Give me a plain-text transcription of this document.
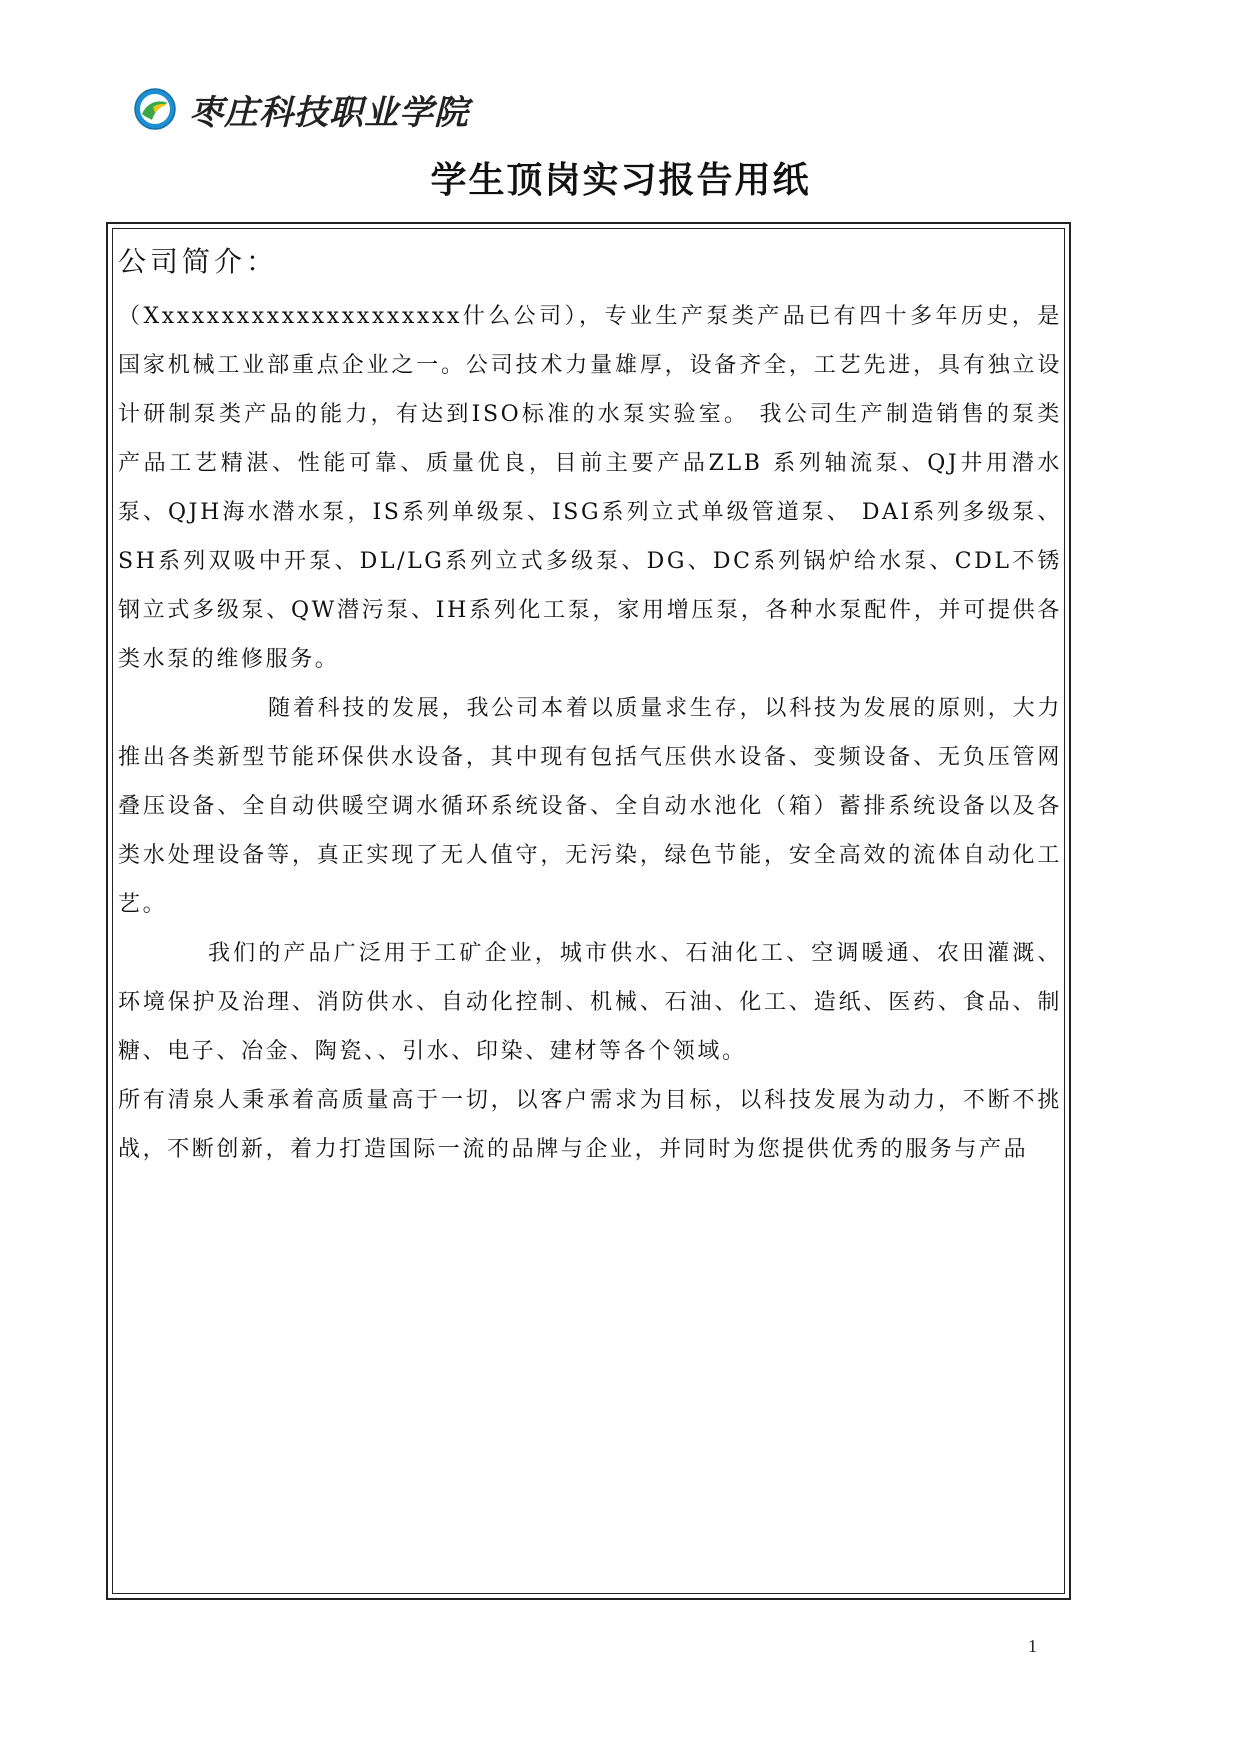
枣庄科技职业学院
学生顶岗实习报告用纸
公司简介：

（Xxxxxxxxxxxxxxxxxxxxx什么公司），专业生产泵类产品已有四十多年历史，是国家机械工业部重点企业之一。公司技术力量雄厚，设备齐全，工艺先进，具有独立设计研制泵类产品的能力，有达到ISO标准的水泵实验室。 我公司生产制造销售的泵类产品工艺精湛、性能可靠、质量优良，目前主要产品ZLB 系列轴流泵、QJ井用潜水泵、QJH海水潜水泵，IS系列单级泵、ISG系列立式单级管道泵、 DAI系列多级泵、SH系列双吸中开泵、DL/LG系列立式多级泵、DG、DC系列锅炉给水泵、CDL不锈钢立式多级泵、QW潜污泵、IH系列化工泵，家用增压泵，各种水泵配件，并可提供各类水泵的维修服务。

随着科技的发展，我公司本着以质量求生存，以科技为发展的原则，大力推出各类新型节能环保供水设备，其中现有包括气压供水设备、变频设备、无负压管网叠压设备、全自动供暖空调水循环系统设备、全自动水池化（箱）蓄排系统设备以及各类水处理设备等，真正实现了无人值守，无污染，绿色节能，安全高效的流体自动化工艺。

我们的产品广泛用于工矿企业，城市供水、石油化工、空调暖通、农田灌溉、环境保护及治理、消防供水、自动化控制、机械、石油、化工、造纸、医药、食品、制糖、电子、冶金、陶瓷、、引水、印染、建材等各个领域。

所有清泉人秉承着高质量高于一切，以客户需求为目标，以科技发展为动力，不断不挑战，不断创新，着力打造国际一流的品牌与企业，并同时为您提供优秀的服务与产品

1
